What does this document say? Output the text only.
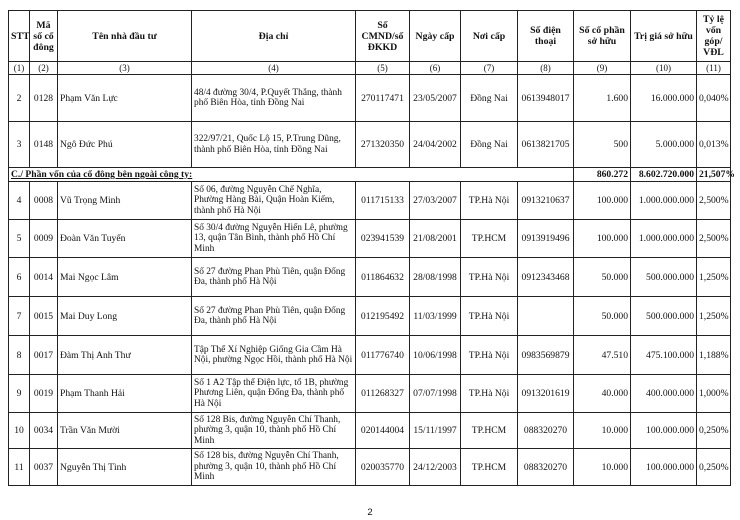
STT	Mã số cổ đông	Tên nhà đầu tư	Địa chỉ	Số CMND/số ĐKKD	Ngày cấp	Nơi cấp	Số điện thoại	Số cổ phần sở hữu	Trị giá sở hữu	Tỷ lệ vốn góp/ VĐL
(1)	(2)	(3)	(4)	(5)	(6)	(7)	(8)	(9)	(10)	(11)
2	0128	Phạm Văn Lực	48/4 đường 30/4, P.Quyết Thắng, thành phố Biên Hòa, tỉnh Đồng Nai	270117471	23/05/2007	Đồng Nai	0613948017	1.600	16.000.000	0,040%
3	0148	Ngô Đức Phú	322/97/21, Quốc Lộ 15, P.Trung Dũng, thành phố Biên Hòa, tỉnh Đồng Nai	271320350	24/04/2002	Đồng Nai	0613821705	500	5.000.000	0,013%
C./ Phần vốn của cổ đông bên ngoài công ty:								860.272	8.602.720.000	21,507%
4	0008	Vũ Trọng Minh	Số 06, đường Nguyễn Chế Nghĩa, Phường Hàng Bài, Quận Hoàn Kiếm, thành phố Hà Nội	011715133	27/03/2007	TP.Hà Nội	0913210637	100.000	1.000.000.000	2,500%
5	0009	Đoàn Văn Tuyến	Số 30/4 đường Nguyễn Hiến Lê, phường 13, quận Tân Bình, thành phố Hồ Chí Minh	023941539	21/08/2001	TP.HCM	0913919496	100.000	1.000.000.000	2,500%
6	0014	Mai Ngọc Lâm	Số 27 đường Phan Phù Tiên, quận Đống Đa, thành phố Hà Nội	011864632	28/08/1998	TP.Hà Nội	0912343468	50.000	500.000.000	1,250%
7	0015	Mai Duy Long	Số 27 đường Phan Phù Tiên, quận Đống Đa, thành phố Hà Nội	012195492	11/03/1999	TP.Hà Nội		50.000	500.000.000	1,250%
8	0017	Đàm Thị Anh Thư	Tập Thể Xí Nghiệp Giống Gia Cầm Hà Nội, phường Ngọc Hồi, thành phố Hà Nội	011776740	10/06/1998	TP.Hà Nội	0983569879	47.510	475.100.000	1,188%
9	0019	Phạm Thanh Hải	Số 1 A2 Tập thể Điện lực, tổ 1B, phường Phương Liên, quận Đống Đa, thành phố Hà Nội	011268327	07/07/1998	TP.Hà Nội	0913201619	40.000	400.000.000	1,000%
10	0034	Trần Văn Mười	Số 128 Bis, đường Nguyễn Chí Thanh, phường 3, quận 10, thành phố Hồ Chí Minh	020144004	15/11/1997	TP.HCM	088320270	10.000	100.000.000	0,250%
11	0037	Nguyễn Thị Tình	Số 128 bis, đường Nguyễn Chí Thanh, phường 3, quận 10, thành phố Hồ Chí Minh	020035770	24/12/2003	TP.HCM	088320270	10.000	100.000.000	0,250%
2
